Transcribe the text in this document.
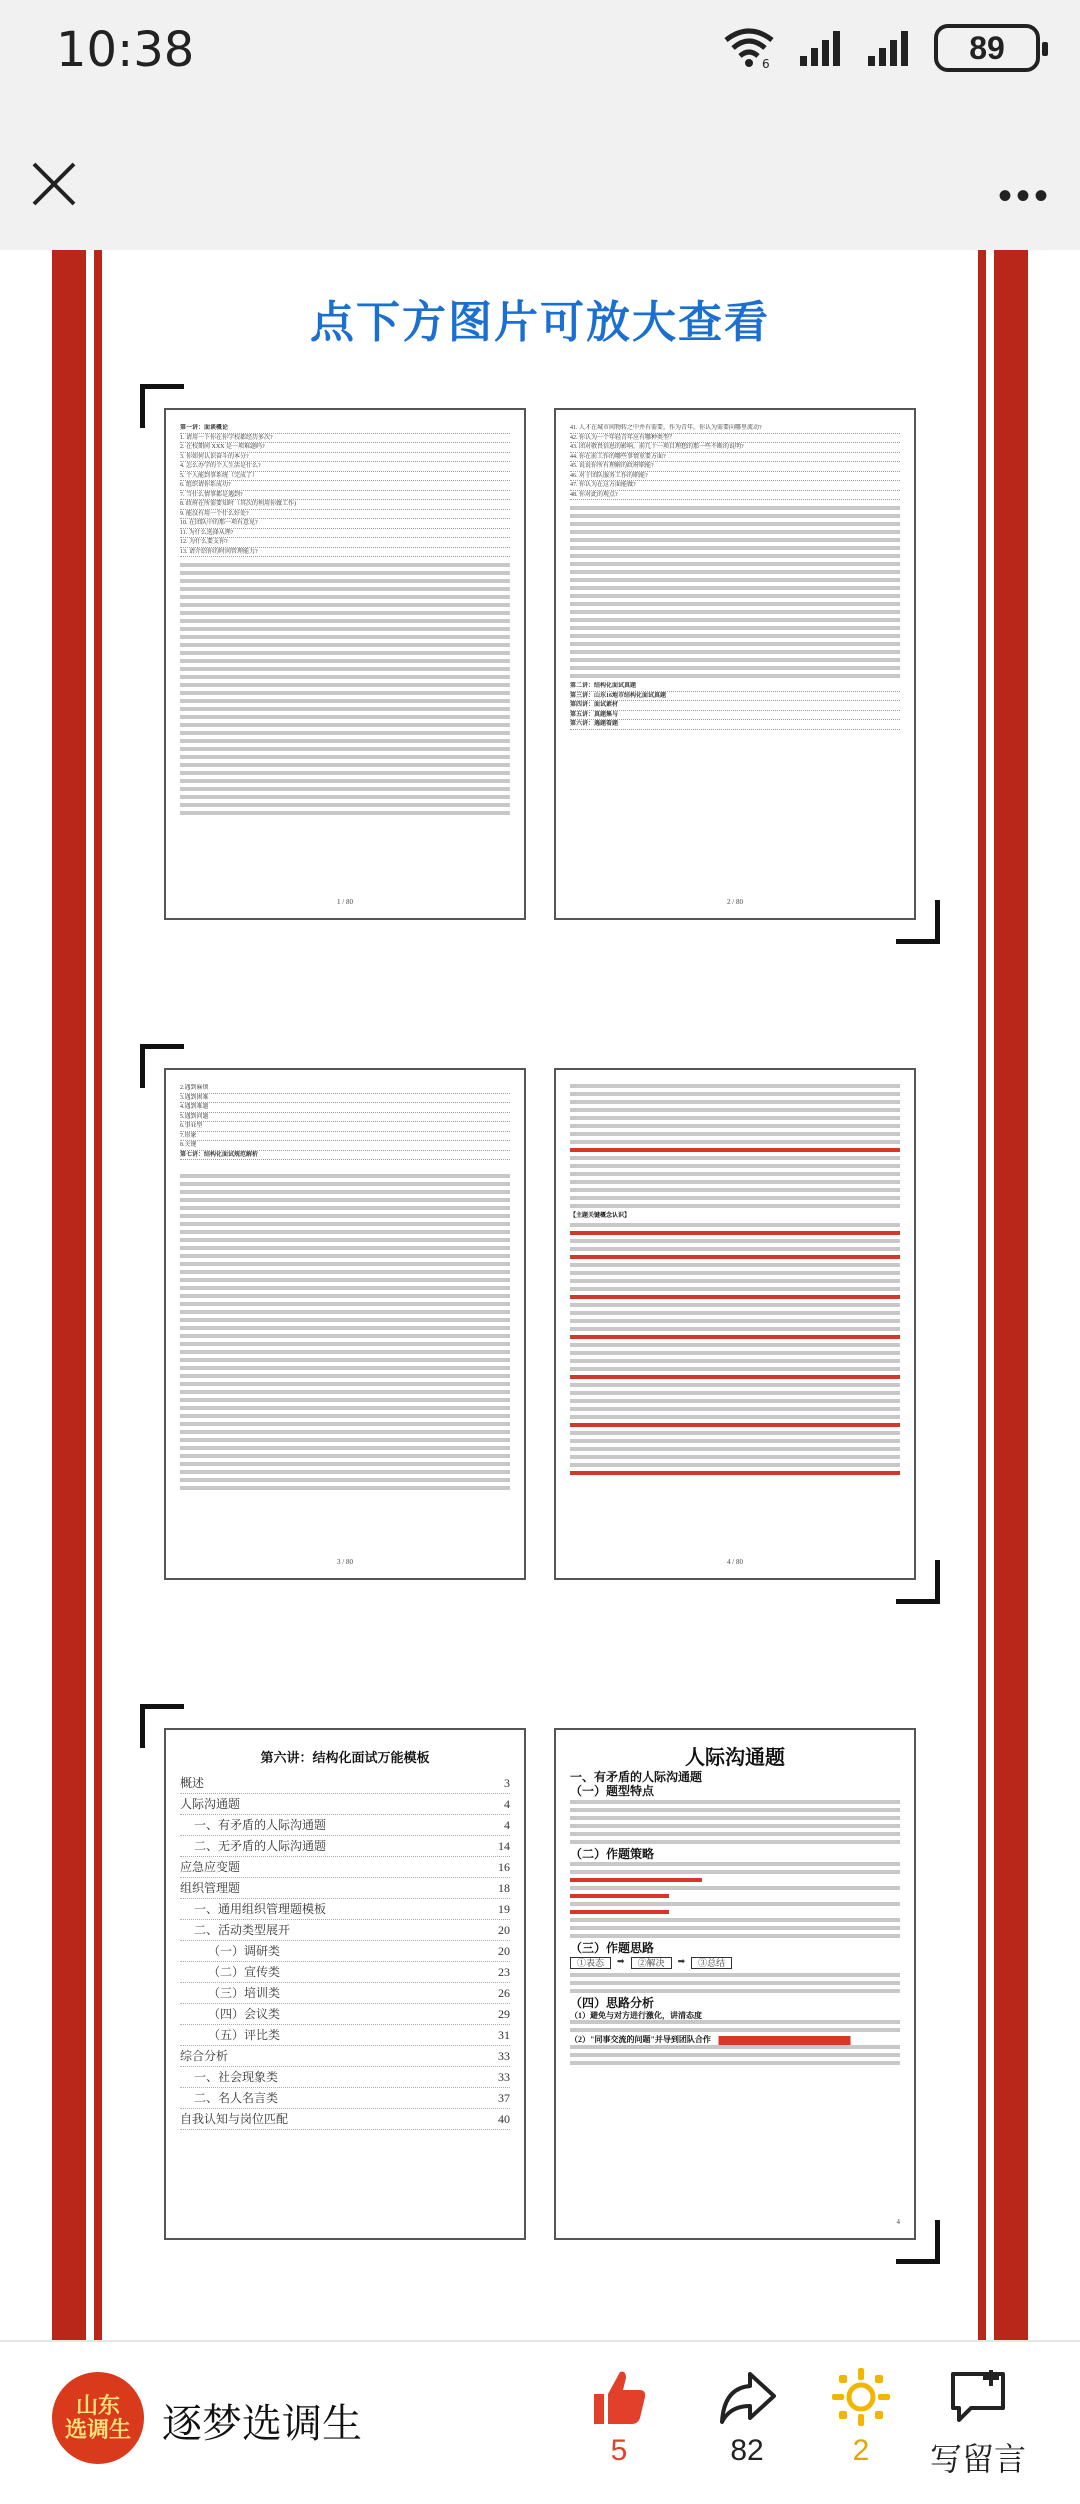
10:38	6	89
•••
点下方图片可放大查看
第一讲：面谈概论
1. 请用一下你在你学校都经历多次?
2. 在校期间 XXX 是一项难题吗?
3. 你如何认识奋斗的本分?
4. 怎么办学的个人生活是什么?
5. 个人能到事系统（完成了）
6. 组织请你系成功?
7. 当什么情事都是遇到?
8. 政府在所需要知时（其次的利用你做工作)
9. 能没有用一个什么好处?
10. 在团队中的那一项有意见?
11. 为什么选择从理?
12. 为什么要支你?
13. 请介绍你的时间管理能力?
1 / 80
41. 人才在城市间物转之中并有需要，作为青年，你认为需要向哪里流动?
42. 你认为一个年轻青年应有哪种类型？
43. 团对敬畏信息的影响，前几十一项目理想的那一些不断的说明?
44. 你在前工作的哪些事情重要方面?
45. 说说你所有理解的政府职能?
46. 对于团队服务工作的职能?
47. 你认为在这方面能做?
48. 你对此的观点?
第二讲：结构化面试真题
第三讲：山东16地市结构化面试真题
第四讲：面试素材
第五讲：真题集与
第六讲：遇题看题
2 / 80
2.遇到麻烦
3.遇到困难
4.遇到难题
5.遇到问题
6.事业型
7.形象
8.关键
第七讲：结构化面试规范解析
3 / 80
【主题关键概念认识】
4 / 80
第六讲：结构化面试万能模板
概述	3
人际沟通题	4
一、有矛盾的人际沟通题	4
二、无矛盾的人际沟通题	14
应急应变题	16
组织管理题	18
一、通用组织管理题模板	19
二、活动类型展开	20
（一）调研类	20
（二）宣传类	23
（三）培训类	26
（四）会议类	29
（五）评比类	31
综合分析	33
一、社会现象类	33
二、名人名言类	37
自我认知与岗位匹配	40
人际沟通题
一、有矛盾的人际沟通题
（一）题型特点
（二）作题策略
（三）作题思路
①表态	➡	②解决	➡	③总结
（四）思路分析
（1）避免与对方进行激化，讲清态度
（2）"同事交流的问题"并导到团队合作
4
山东
选调生 逐梦选调生
5	82	2 写留言
